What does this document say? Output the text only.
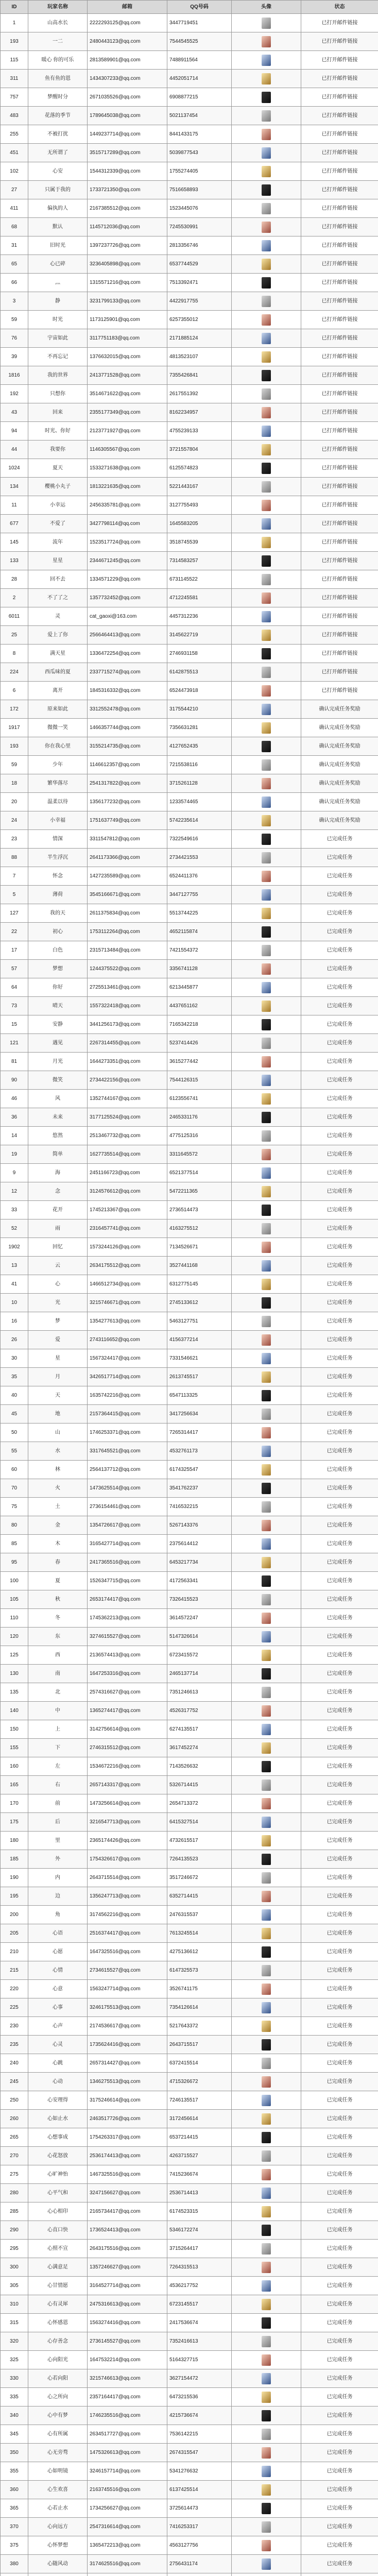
ID	玩家名称	邮箱	QQ号码	头像	状态
1	山高水长	2222293125@qq.com	3447719451		已打开邮件链接
193	一二	2480443123@qq.com	7544545525		已打开邮件链接
115	暖心 你的可乐	2813589901@qq.com	7488911564		已打开邮件链接
311	鱼有鱼的恩	1434307233@qq.com	4452051714		已打开邮件链接
757	梦醒时分	2671035526@qq.com	6908877215		已打开邮件链接
483	花落的季节	1789645038@qq.com	5021137454		已打开邮件链接
255	不被打扰	1449237714@qq.com	8441433175		已打开邮件链接
451	无所谓了	3515717289@qq.com	5039877543		已打开邮件链接
102	心安	1544312339@qq.com	1755274405		已打开邮件链接
27	只属于我的	1733721350@qq.com	7516658893		已打开邮件链接
411	偏执的人	2167385512@qq.com	1523445076		已打开邮件链接
68	默认	1145712036@qq.com	7245530991		已打开邮件链接
31	旧时光	1397237726@qq.com	2813356746		已打开邮件链接
65	心已碎	3236405898@qq.com	6537744529		已打开邮件链接
66	灬	1315571216@qq.com	7513392471		已打开邮件链接
3	静	3231799133@qq.com	4422917755		已打开邮件链接
59	时光	1173125901@qq.com	6257355012		已打开邮件链接
76	宇宙如此	3117751183@qq.com	2171885124		已打开邮件链接
39	不再忘记	1376632015@qq.com	4813523107		已打开邮件链接
1816	我的世界	2413771528@qq.com	7355426841		已打开邮件链接
192	只想你	3514671622@qq.com	2617551392		已打开邮件链接
43	回来	2355177349@qq.com	8162234957		已打开邮件链接
94	时光、你好	2123771927@qq.com	4755239133		已打开邮件链接
44	我要你	1146305567@qq.com	3721557804		已打开邮件链接
1024	夏天	1533271638@qq.com	6125574823		已打开邮件链接
134	樱桃小丸子	1813221635@qq.com	5221443167		已打开邮件链接
11	小幸运	2456335781@qq.com	3127755493		已打开邮件链接
677	不爱了	3427798114@qq.com	1645583205		已打开邮件链接
145	流年	1523517724@qq.com	3518745539		已打开邮件链接
133	星星	2344671245@qq.com	7314583257		已打开邮件链接
28	回不去	1334571229@qq.com	6731145522		已打开邮件链接
2	不了了之	1357732452@qq.com	4712245581		已打开邮件链接
6011	灵	cat_gaoxi@163.com	4457312236		已打开邮件链接
25	爱上了你	2566464413@qq.com	3145622719		已打开邮件链接
8	满天星	1336472254@qq.com	2746931158		已打开邮件链接
224	西瓜味的夏	2337715274@qq.com	6142875513		已打开邮件链接
6	离开	1845316332@qq.com	6524473918		已打开邮件链接
172	原来如此	3312552478@qq.com	3175544210		确认完成任务奖励
1917	微微一笑	1466357744@qq.com	7356631281		确认完成任务奖励
193	你在我心里	3155214735@qq.com	4127652435		确认完成任务奖励
59	少年	1146612357@qq.com	7215538116		确认完成任务奖励
18	繁华落尽	2541317822@qq.com	3715261128		确认完成任务奖励
20	温柔以待	1356177232@qq.com	1233574465		确认完成任务奖励
24	小幸福	1751637749@qq.com	5742235614		确认完成任务奖励
23	情深	3311547812@qq.com	7322549616		已完成任务
88	半生浮沉	2641173366@qq.com	2734421553		已完成任务
7	怀念	1427235589@qq.com	6524411376		已完成任务
5	薄荷	3545166671@qq.com	3447127755		已完成任务
127	我的天	2611375834@qq.com	5513744225		已完成任务
22	初心	1753112264@qq.com	4652115874		已完成任务
17	白色	2315713484@qq.com	7421554372		已完成任务
57	梦想	1244375522@qq.com	3356741128		已完成任务
64	你好	2725513461@qq.com	6213445877		已完成任务
73	晴天	1557322418@qq.com	4437651162		已完成任务
15	安静	3441256173@qq.com	7165342218		已完成任务
121	遇见	2267314455@qq.com	5237414426		已完成任务
81	月光	1644273351@qq.com	3615277442		已完成任务
90	微笑	2734422156@qq.com	7544126315		已完成任务
46	风	1352744167@qq.com	6123556741		已完成任务
36	未来	3177125524@qq.com	2465331176		已完成任务
14	悠然	2513467732@qq.com	4775125316		已完成任务
19	简单	1627735514@qq.com	3311645572		已完成任务
9	海	2451166723@qq.com	6521377514		已完成任务
12	念	3124576612@qq.com	5472211365		已完成任务
33	花开	1745213367@qq.com	2736514473		已完成任务
52	雨	2316457741@qq.com	4163275512		已完成任务
1902	回忆	1573244126@qq.com	7134526671		已完成任务
13	云	2634175512@qq.com	3527441168		已完成任务
41	心	1466512734@qq.com	6312775145		已完成任务
10	光	3215746671@qq.com	2745133612		已完成任务
16	梦	1354277613@qq.com	5463127751		已完成任务
26	爱	2743116652@qq.com	4156377214		已完成任务
30	星	1567324417@qq.com	7331546621		已完成任务
35	月	3426517714@qq.com	2613745517		已完成任务
40	天	1635742216@qq.com	6547113325		已完成任务
45	地	2157364415@qq.com	3417256634		已完成任务
50	山	1746253371@qq.com	7265314417		已完成任务
55	水	3317645521@qq.com	4532761173		已完成任务
60	林	2564137712@qq.com	6174325547		已完成任务
70	火	1473625514@qq.com	3541762237		已完成任务
75	土	2736154461@qq.com	7416532215		已完成任务
80	金	1354726617@qq.com	5267143376		已完成任务
85	木	3165427714@qq.com	2375614412		已完成任务
95	春	2417365516@qq.com	6453217734		已完成任务
100	夏	1526347715@qq.com	4172563341		已完成任务
105	秋	2653174417@qq.com	7326415523		已完成任务
110	冬	1745362213@qq.com	3614572247		已完成任务
120	东	3274615527@qq.com	5147326614		已完成任务
125	西	2136574413@qq.com	6723415572		已完成任务
130	南	1647253316@qq.com	2465137714		已完成任务
135	北	2574316627@qq.com	7351246613		已完成任务
140	中	1365274417@qq.com	4526317752		已完成任务
150	上	3142756614@qq.com	6274135517		已完成任务
155	下	2746315512@qq.com	3617452274		已完成任务
160	左	1534672216@qq.com	7143526632		已完成任务
165	右	2657143317@qq.com	5326714415		已完成任务
170	前	1473256614@qq.com	2654713372		已完成任务
175	后	3216547713@qq.com	6415327514		已完成任务
180	里	2365174426@qq.com	4732615517		已完成任务
185	外	1754326617@qq.com	7264135523		已完成任务
190	内	2643715514@qq.com	3517246672		已完成任务
195	边	1356247713@qq.com	6352714415		已完成任务
200	角	3174562216@qq.com	2476315537		已完成任务
205	心语	2516374417@qq.com	7613245514		已完成任务
210	心愿	1647325516@qq.com	4275136612		已完成任务
215	心情	2734615527@qq.com	6147325573		已完成任务
220	心意	1563247714@qq.com	3526741175		已完成任务
225	心事	3246175513@qq.com	7354126614		已完成任务
230	心声	2174536617@qq.com	5217643372		已完成任务
235	心灵	1735624416@qq.com	2643715517		已完成任务
240	心跳	2657314427@qq.com	6372415514		已完成任务
245	心动	1346275513@qq.com	4715326672		已完成任务
250	心安理得	3175246614@qq.com	7246135517		已完成任务
260	心如止水	2463517726@qq.com	3172456614		已完成任务
265	心想事成	1754263317@qq.com	6537214415		已完成任务
270	心花怒放	2536174413@qq.com	4263715527		已完成任务
275	心旷神怡	1467325516@qq.com	7415236674		已完成任务
280	心平气和	3247156627@qq.com	2536714413		已完成任务
285	心心相印	2165734417@qq.com	6174523315		已完成任务
290	心直口快	1736524413@qq.com	5346172274		已完成任务
295	心照不宣	2643175516@qq.com	3715264417		已完成任务
300	心满意足	1357246627@qq.com	7264315513		已完成任务
305	心甘情愿	3164527714@qq.com	4536217752		已完成任务
310	心有灵犀	2475316613@qq.com	6723145517		已完成任务
315	心怀感恩	1563274416@qq.com	2417536674		已完成任务
320	心存善念	2736145527@qq.com	7352416613		已完成任务
325	心向阳光	1647532214@qq.com	5164327715		已完成任务
330	心若向阳	3215746613@qq.com	3627154472		已完成任务
335	心之所向	2357164417@qq.com	6473215536		已完成任务
340	心中有梦	1746235516@qq.com	4215736674		已完成任务
345	心有所属	2634517727@qq.com	7536142215		已完成任务
350	心无旁骛	1475326613@qq.com	2674315547		已完成任务
355	心如明镜	3246157714@qq.com	5341276632		已完成任务
360	心生欢喜	2163745516@qq.com	6137425514		已完成任务
365	心若止水	1734256627@qq.com	3725614473		已完成任务
370	心向远方	2547316614@qq.com	7416253317		已完成任务
375	心怀梦想	1365472213@qq.com	4563127756		已完成任务
380	心随风动	3174625516@qq.com	2756431174		已完成任务
